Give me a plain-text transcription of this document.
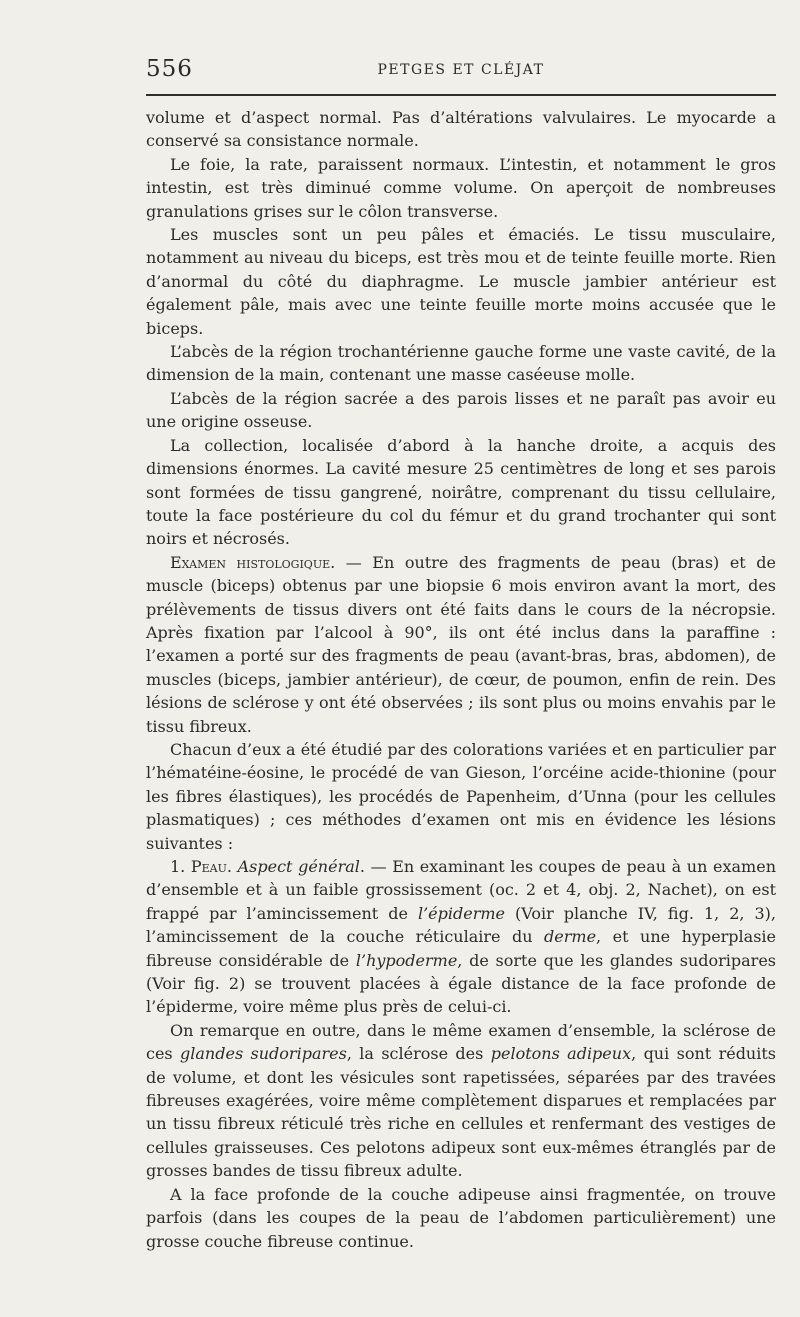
556	PETGES ET CLÉJAT

volume et d’aspect normal. Pas d’altérations valvulaires. Le myocarde a conservé sa consistance normale.

Le foie, la rate, paraissent normaux. L’intestin, et notamment le gros intestin, est très diminué comme volume. On aperçoit de nombreuses granulations grises sur le côlon transverse.

Les muscles sont un peu pâles et émaciés. Le tissu musculaire, notamment au niveau du biceps, est très mou et de teinte feuille morte. Rien d’anormal du côté du diaphragme. Le muscle jambier antérieur est également pâle, mais avec une teinte feuille morte moins accusée que le biceps.

L’abcès de la région trochantérienne gauche forme une vaste cavité, de la dimension de la main, contenant une masse caséeuse molle.

L’abcès de la région sacrée a des parois lisses et ne paraît pas avoir eu une origine osseuse.

La collection, localisée d’abord à la hanche droite, a acquis des dimensions énormes. La cavité mesure 25 centimètres de long et ses parois sont formées de tissu gangrené, noirâtre, comprenant du tissu cellulaire, toute la face postérieure du col du fémur et du grand trochanter qui sont noirs et nécrosés.

Examen histologique. — En outre des fragments de peau (bras) et de muscle (biceps) obtenus par une biopsie 6 mois environ avant la mort, des prélèvements de tissus divers ont été faits dans le cours de la nécropsie. Après fixation par l’alcool à 90°, ils ont été inclus dans la paraffine : l’examen a porté sur des fragments de peau (avant-bras, bras, abdomen), de muscles (biceps, jambier antérieur), de cœur, de poumon, enfin de rein. Des lésions de sclérose y ont été observées ; ils sont plus ou moins envahis par le tissu fibreux.

Chacun d’eux a été étudié par des colorations variées et en particulier par l’hématéine-éosine, le procédé de van Gieson, l’orcéine acide-thionine (pour les fibres élastiques), les procédés de Papenheim, d’Unna (pour les cellules plasmatiques) ; ces méthodes d’examen ont mis en évidence les lésions suivantes :

1. Peau. Aspect général. — En examinant les coupes de peau à un examen d’ensemble et à un faible grossissement (oc. 2 et 4, obj. 2, Nachet), on est frappé par l’amincissement de l’épiderme (Voir planche IV, fig. 1, 2, 3), l’amincissement de la couche réticulaire du derme, et une hyperplasie fibreuse considérable de l’hypoderme, de sorte que les glandes sudoripares (Voir fig. 2) se trouvent placées à égale distance de la face profonde de l’épiderme, voire même plus près de celui-ci.

On remarque en outre, dans le même examen d’ensemble, la sclérose de ces glandes sudoripares, la sclérose des pelotons adipeux, qui sont réduits de volume, et dont les vésicules sont rapetissées, séparées par des travées fibreuses exagérées, voire même complètement disparues et remplacées par un tissu fibreux réticulé très riche en cellules et renfermant des vestiges de cellules graisseuses. Ces pelotons adipeux sont eux-mêmes étranglés par de grosses bandes de tissu fibreux adulte.

A la face profonde de la couche adipeuse ainsi fragmentée, on trouve parfois (dans les coupes de la peau de l’abdomen particulièrement) une grosse couche fibreuse continue.
